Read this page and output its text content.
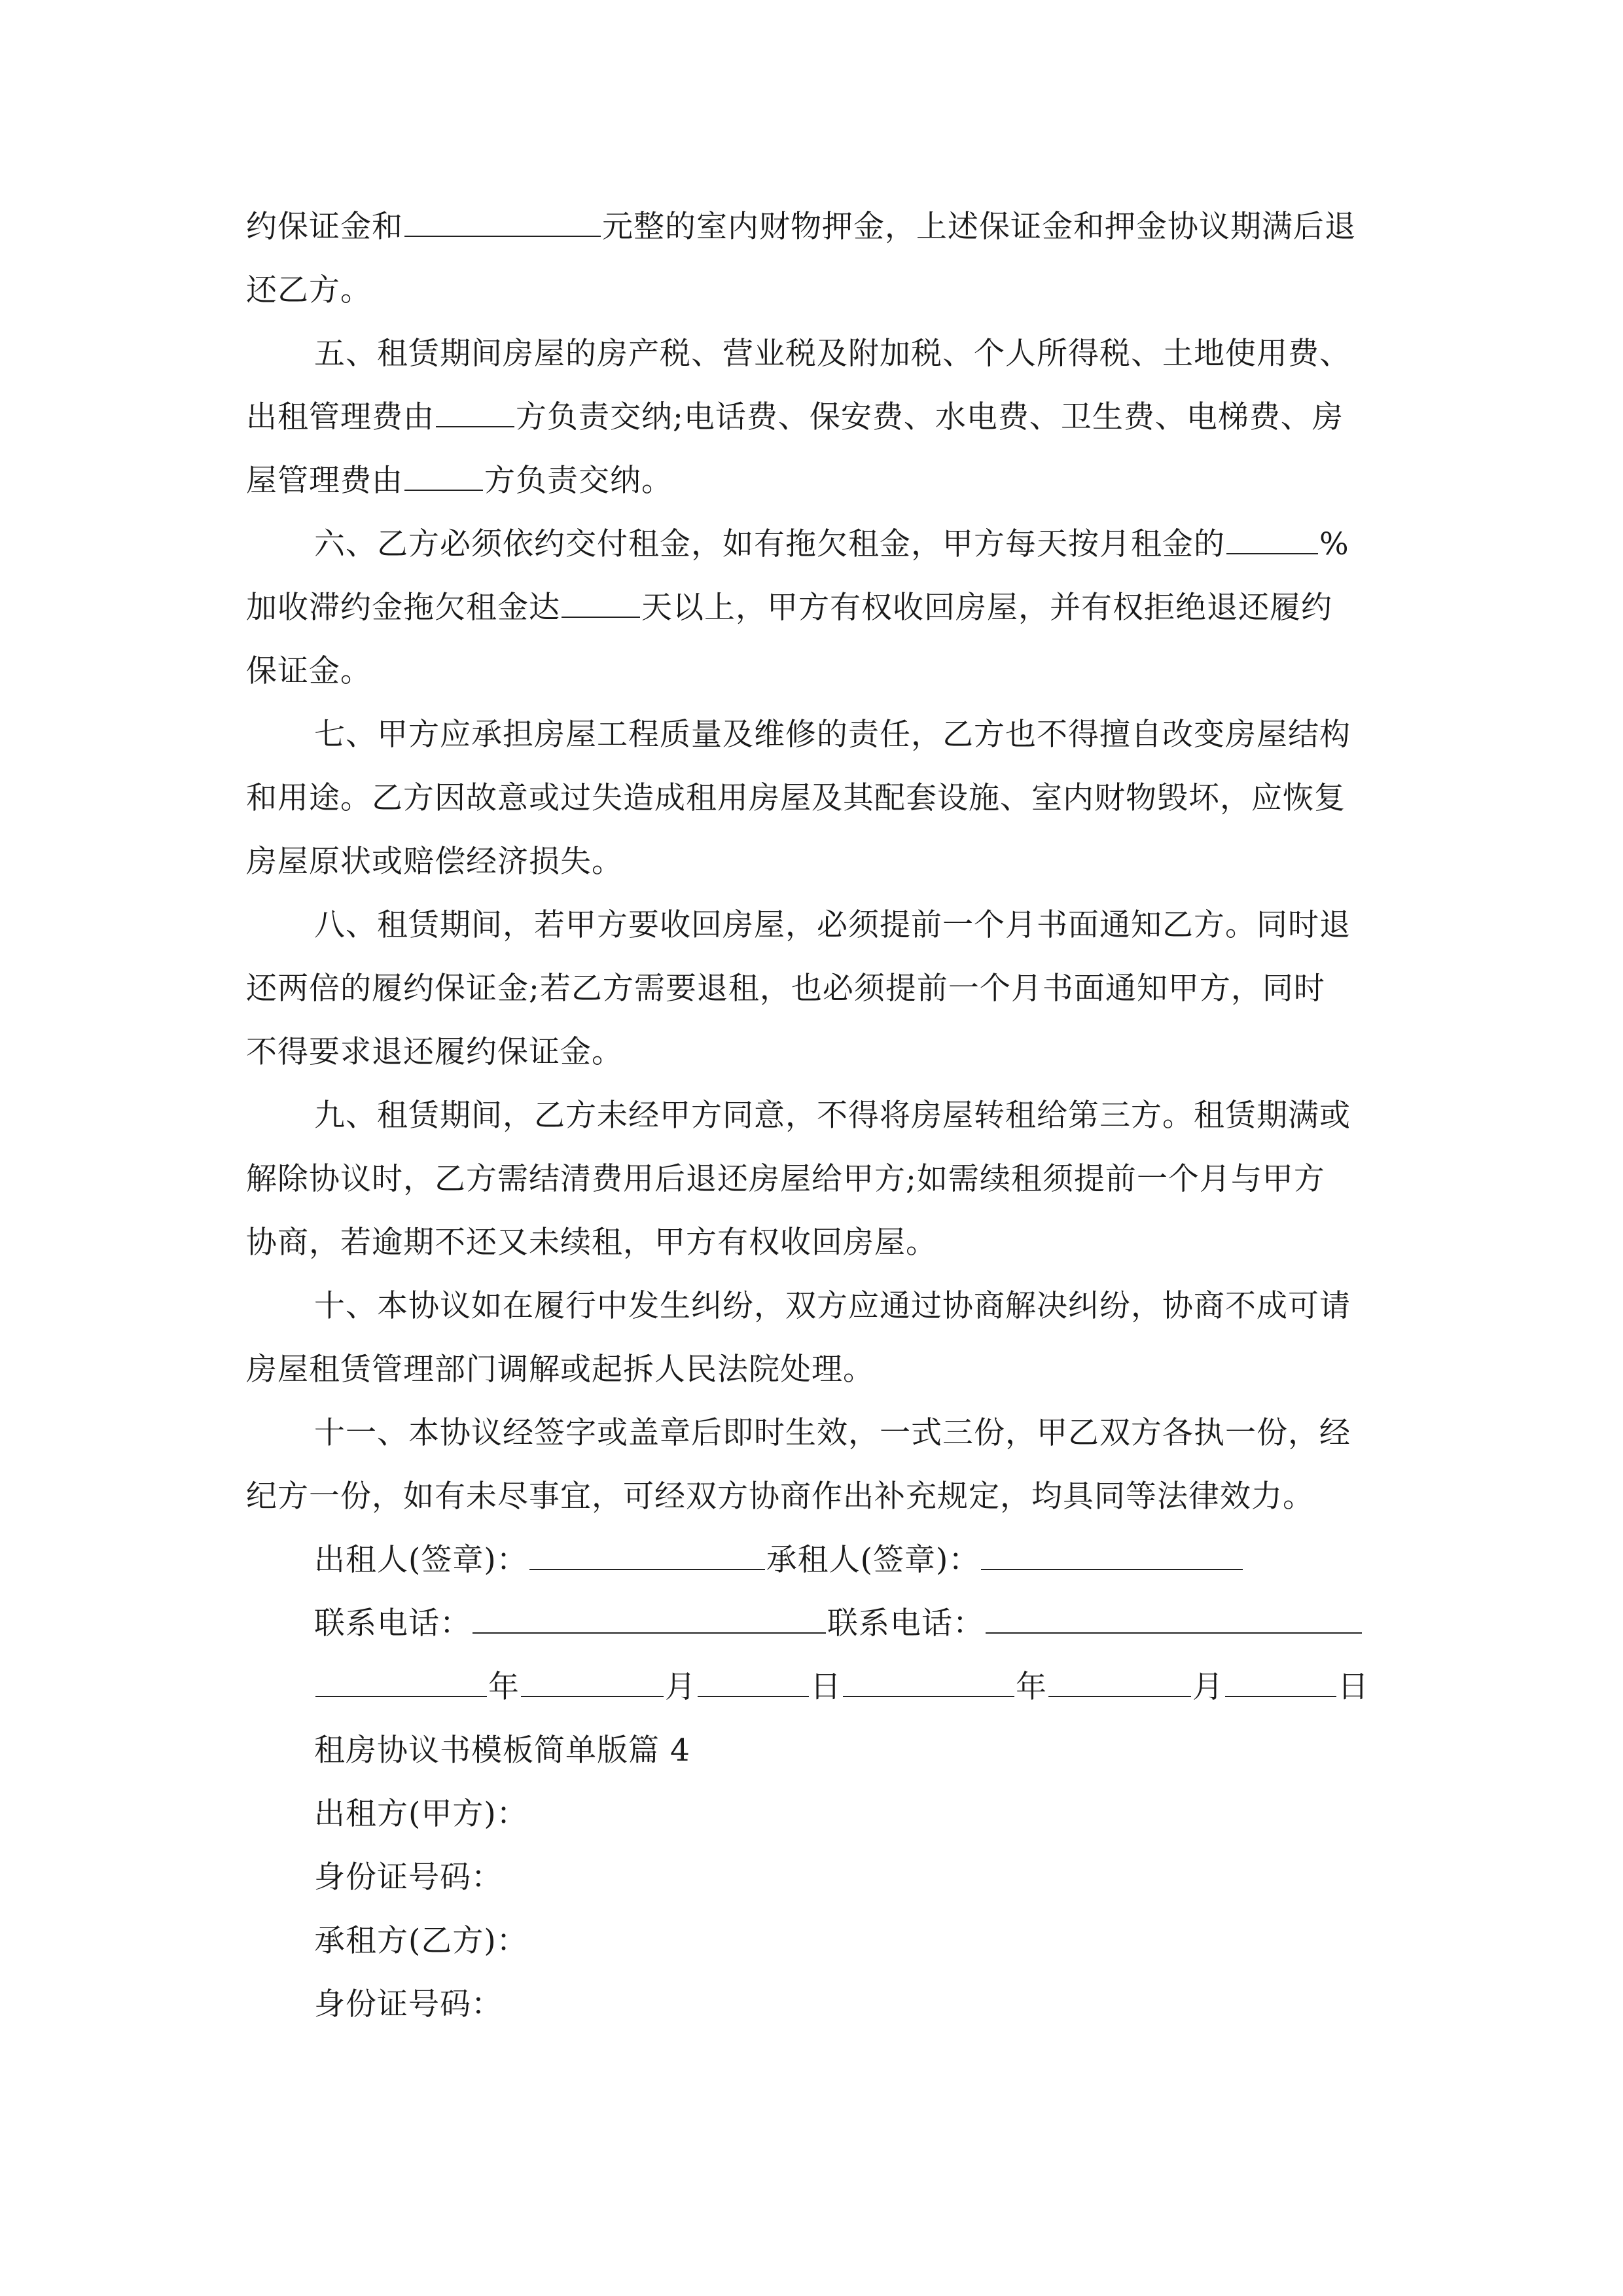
约保证金和	元整的室内财物押金，上述保证金和押金协议期满后退
还乙方。

五、租赁期间房屋的房产税、营业税及附加税、个人所得税、土地使用费、
出租管理费由	方负责交纳;电话费、保安费、水电费、卫生费、电梯费、房
屋管理费由	方负责交纳。

六、乙方必须依约交付租金，如有拖欠租金，甲方每天按月租金的	%
加收滞约金拖欠租金达	天以上，甲方有权收回房屋，并有权拒绝退还履约
保证金。

七、甲方应承担房屋工程质量及维修的责任，乙方也不得擅自改变房屋结构
和用途。乙方因故意或过失造成租用房屋及其配套设施、室内财物毁坏，应恢复
房屋原状或赔偿经济损失。

八、租赁期间，若甲方要收回房屋，必须提前一个月书面通知乙方。同时退
还两倍的履约保证金;若乙方需要退租，也必须提前一个月书面通知甲方，同时
不得要求退还履约保证金。

九、租赁期间，乙方未经甲方同意，不得将房屋转租给第三方。租赁期满或
解除协议时，乙方需结清费用后退还房屋给甲方;如需续租须提前一个月与甲方
协商，若逾期不还又未续租，甲方有权收回房屋。

十、本协议如在履行中发生纠纷，双方应通过协商解决纠纷，协商不成可请
房屋租赁管理部门调解或起拆人民法院处理。

十一、本协议经签字或盖章后即时生效，一式三份，甲乙双方各执一份，经
纪方一份，如有未尽事宜，可经双方协商作出补充规定，均具同等法律效力。

出租人(签章)：	承租人(签章)：
联系电话：	联系电话：
年	月	日	年	月	日
租房协议书模板简单版篇 4
出租方(甲方)：
身份证号码：
承租方(乙方)：
身份证号码：
